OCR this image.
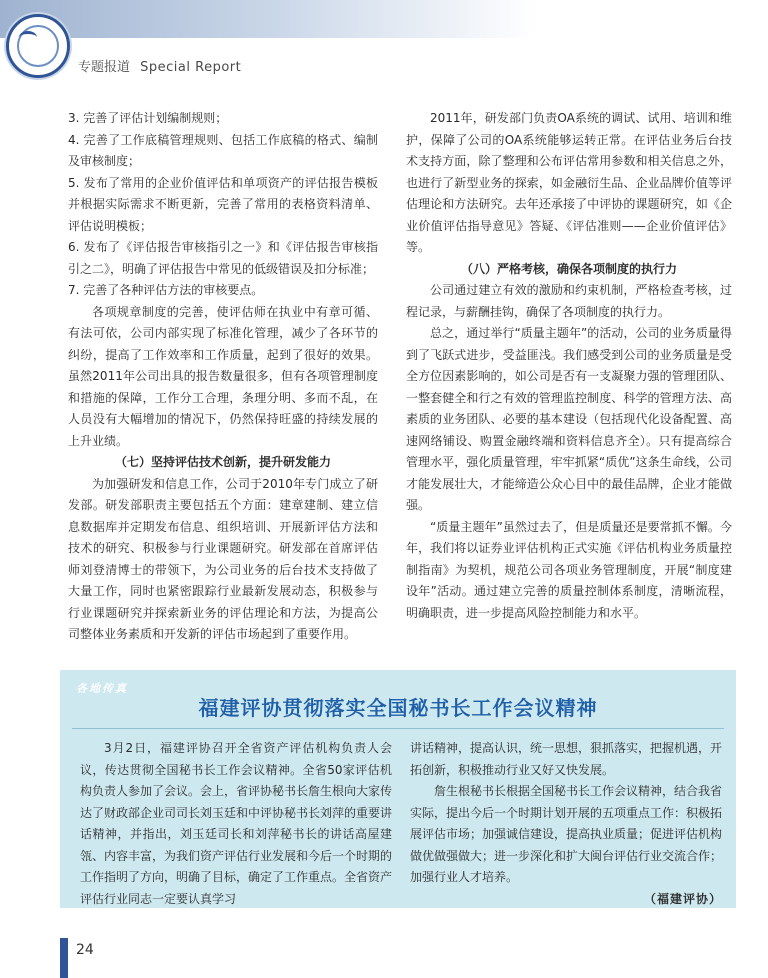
专题报道 Special Report

3. 完善了评估计划编制规则；

4. 完善了工作底稿管理规则、包括工作底稿的格式、编制及审核制度；

5. 发布了常用的企业价值评估和单项资产的评估报告模板并根据实际需求不断更新，完善了常用的表格资料清单、评估说明模板；

6. 发布了《评估报告审核指引之一》和《评估报告审核指引之二》，明确了评估报告中常见的低级错误及扣分标准；

7. 完善了各种评估方法的审核要点。

各项规章制度的完善，使评估师在执业中有章可循、有法可依，公司内部实现了标准化管理，减少了各环节的纠纷，提高了工作效率和工作质量，起到了很好的效果。虽然2011年公司出具的报告数量很多，但有各项管理制度和措施的保障，工作分工合理，条理分明、多而不乱，在人员没有大幅增加的情况下，仍然保持旺盛的持续发展的上升业绩。

（七）坚持评估技术创新，提升研发能力

为加强研发和信息工作，公司于2010年专门成立了研发部。研发部职责主要包括五个方面：建章建制、建立信息数据库并定期发布信息、组织培训、开展新评估方法和技术的研究、积极参与行业课题研究。研发部在首席评估师刘登清博士的带领下，为公司业务的后台技术支持做了大量工作，同时也紧密跟踪行业最新发展动态，积极参与行业课题研究并探索新业务的评估理论和方法，为提高公司整体业务素质和开发新的评估市场起到了重要作用。

2011年，研发部门负责OA系统的调试、试用、培训和维护，保障了公司的OA系统能够运转正常。在评估业务后台技术支持方面，除了整理和公布评估常用参数和相关信息之外，也进行了新型业务的探索，如金融衍生品、企业品牌价值等评估理论和方法研究。去年还承接了中评协的课题研究，如《企业价值评估指导意见》答疑、《评估准则——企业价值评估》等。

（八）严格考核，确保各项制度的执行力

公司通过建立有效的激励和约束机制，严格检查考核，过程记录，与薪酬挂钩，确保了各项制度的执行力。

总之，通过举行“质量主题年”的活动，公司的业务质量得到了飞跃式进步，受益匪浅。我们感受到公司的业务质量是受全方位因素影响的，如公司是否有一支凝聚力强的管理团队、一整套健全和行之有效的管理监控制度、科学的管理方法、高素质的业务团队、必要的基本建设（包括现代化设备配置、高速网络铺设、购置金融终端和资料信息齐全）。只有提高综合管理水平，强化质量管理，牢牢抓紧“质优”这条生命线，公司才能发展壮大，才能缔造公众心目中的最佳品牌，企业才能做强。

“质量主题年”虽然过去了，但是质量还是要常抓不懈。今年，我们将以证券业评估机构正式实施《评估机构业务质量控制指南》为契机，规范公司各项业务管理制度，开展“制度建设年”活动。通过建立完善的质量控制体系制度，清晰流程，明确职责，进一步提高风险控制能力和水平。

各地传真
福建评协贯彻落实全国秘书长工作会议精神

3月2日，福建评协召开全省资产评估机构负责人会议，传达贯彻全国秘书长工作会议精神。全省50家评估机构负责人参加了会议。会上，省评协秘书长詹生根向大家传达了财政部企业司司长刘玉廷和中评协秘书长刘萍的重要讲话精神，并指出，刘玉廷司长和刘萍秘书长的讲话高屋建瓴、内容丰富，为我们资产评估行业发展和今后一个时期的工作指明了方向，明确了目标，确定了工作重点。全省资产评估行业同志一定要认真学习

讲话精神，提高认识，统一思想，狠抓落实，把握机遇，开拓创新，积极推动行业又好又快发展。

詹生根秘书长根据全国秘书长工作会议精神，结合我省实际，提出今后一个时期计划开展的五项重点工作：积极拓展评估市场；加强诚信建设，提高执业质量；促进评估机构做优做强做大；进一步深化和扩大闽台评估行业交流合作；加强行业人才培养。

（福建评协）

24
